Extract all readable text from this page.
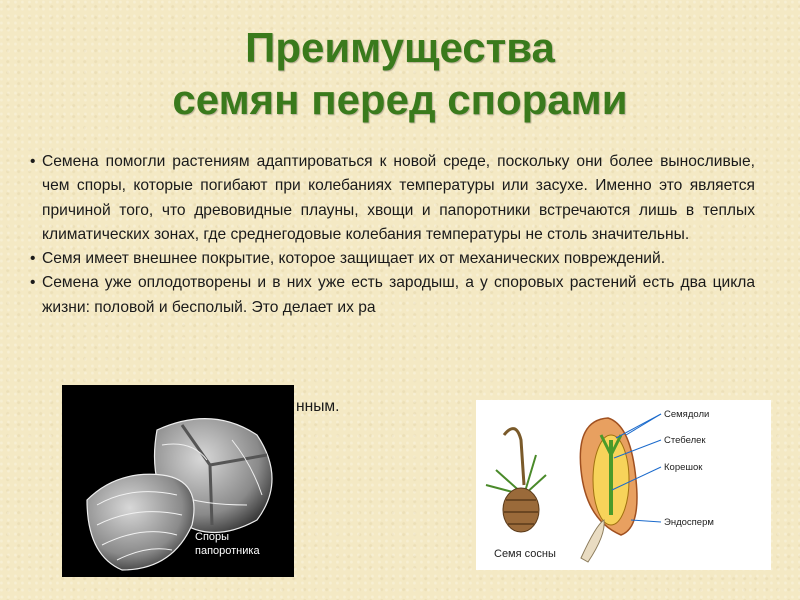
Преимущества
семян перед спорами
• Семена помогли растениям адаптироваться к новой среде, поскольку они более выносливые, чем споры, которые погибают при колебаниях температуры или засухе. Именно это является причиной того, что древовидные плауны, хвощи и папоротники встречаются лишь в теплых климатических зонах, где среднегодовые колебания температуры не столь значительны.
• Семя имеет внешнее покрытие, которое защищает их от механических повреждений.
• Семена уже оплодотворены и в них уже есть зародыш, а у споровых растений есть два цикла жизни: половой и бесполый. Это делает их ра
нным.
Споры
папоротника
Семядоли
Стебелек
Корешок
Эндосперм
Семя сосны
